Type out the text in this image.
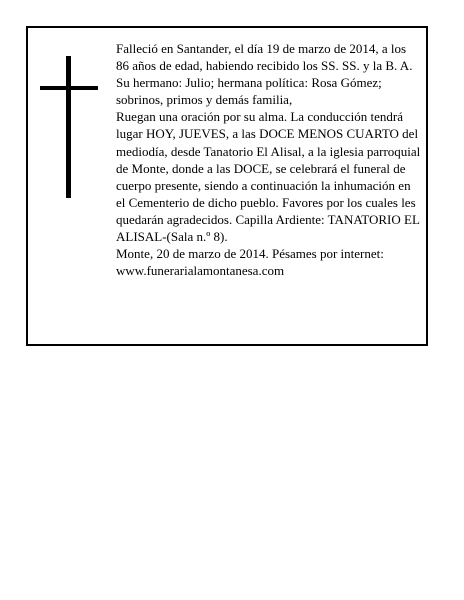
Falleció en Santander, el día 19 de marzo de 2014, a los 86 años de edad, habiendo recibido los SS. SS. y la B. A.

Su hermano: Julio; hermana política: Rosa Gómez; sobrinos, primos y demás familia,

Ruegan una oración por su alma. La conducción tendrá lugar HOY, JUEVES, a las DOCE MENOS CUARTO del mediodía, desde Tanatorio El Alisal, a la iglesia parroquial de Monte, donde a las DOCE, se celebrará el funeral de cuerpo presente, siendo a continuación la inhumación en el Cementerio de dicho pueblo. Favores por los cuales les quedarán agradecidos. Capilla Ardiente: TANATORIO EL ALISAL-(Sala n.º 8).

Monte, 20 de marzo de 2014. Pésames por internet: www.funerarialamontanesa.com
